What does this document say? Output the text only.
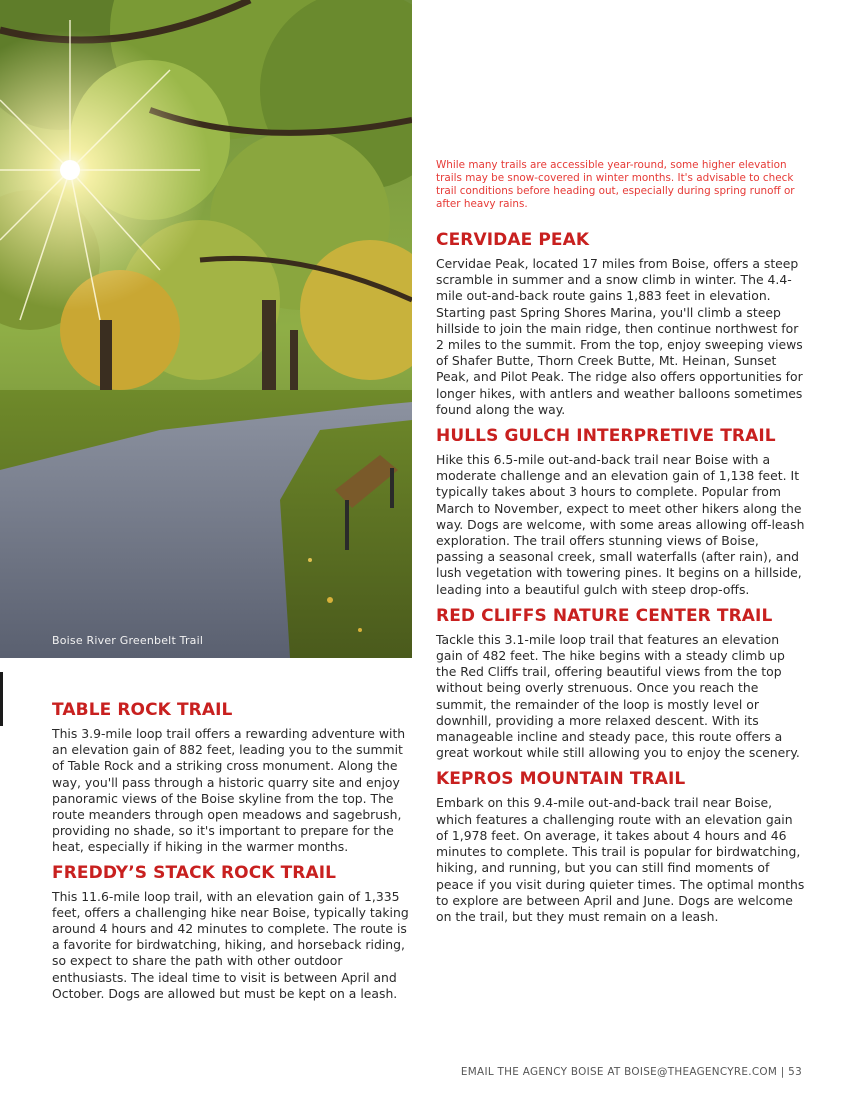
Boise River Greenbelt Trail
While many trails are accessible year-round, some higher elevation trails may be snow-covered in winter months. It's advisable to check trail conditions before heading out, especially during spring runoff or after heavy rains.
TABLE ROCK TRAIL

This 3.9-mile loop trail offers a rewarding adventure with an elevation gain of 882 feet, leading you to the summit of Table Rock and a striking cross monument. Along the way, you'll pass through a historic quarry site and enjoy panoramic views of the Boise skyline from the top. The route meanders through open meadows and sagebrush, providing no shade, so it's important to prepare for the heat, especially if hiking in the warmer months.

FREDDY’S STACK ROCK TRAIL

This 11.6-mile loop trail, with an elevation gain of 1,335 feet, offers a challenging hike near Boise, typically taking around 4 hours and 42 minutes to complete. The route is a favorite for birdwatching, hiking, and horseback riding, so expect to share the path with other outdoor enthusiasts. The ideal time to visit is between April and October. Dogs are allowed but must be kept on a leash.

CERVIDAE PEAK

Cervidae Peak, located 17 miles from Boise, offers a steep scramble in summer and a snow climb in winter. The 4.4-mile out-and-back route gains 1,883 feet in elevation. Starting past Spring Shores Marina, you'll climb a steep hillside to join the main ridge, then continue northwest for 2 miles to the summit. From the top, enjoy sweeping views of Shafer Butte, Thorn Creek Butte, Mt. Heinan, Sunset Peak, and Pilot Peak. The ridge also offers opportunities for longer hikes, with antlers and weather balloons sometimes found along the way.

HULLS GULCH INTERPRETIVE TRAIL

Hike this 6.5-mile out-and-back trail near Boise with a moderate challenge and an elevation gain of 1,138 feet. It typically takes about 3 hours to complete. Popular from March to November, expect to meet other hikers along the way. Dogs are welcome, with some areas allowing off-leash exploration. The trail offers stunning views of Boise, passing a seasonal creek, small waterfalls (after rain), and lush vegetation with towering pines. It begins on a hillside, leading into a beautiful gulch with steep drop-offs.

RED CLIFFS NATURE CENTER TRAIL

Tackle this 3.1-mile loop trail that features an elevation gain of 482 feet. The hike begins with a steady climb up the Red Cliffs trail, offering beautiful views from the top without being overly strenuous. Once you reach the summit, the remainder of the loop is mostly level or downhill, providing a more relaxed descent. With its manageable incline and steady pace, this route offers a great workout while still allowing you to enjoy the scenery.

KEPROS MOUNTAIN TRAIL

Embark on this 9.4-mile out-and-back trail near Boise, which features a challenging route with an elevation gain of 1,978 feet. On average, it takes about 4 hours and 46 minutes to complete. This trail is popular for birdwatching, hiking, and running, but you can still find moments of peace if you visit during quieter times. The optimal months to explore are between April and June. Dogs are welcome on the trail, but they must remain on a leash.

EMAIL THE AGENCY BOISE AT BOISE@THEAGENCYRE.COM | 53
